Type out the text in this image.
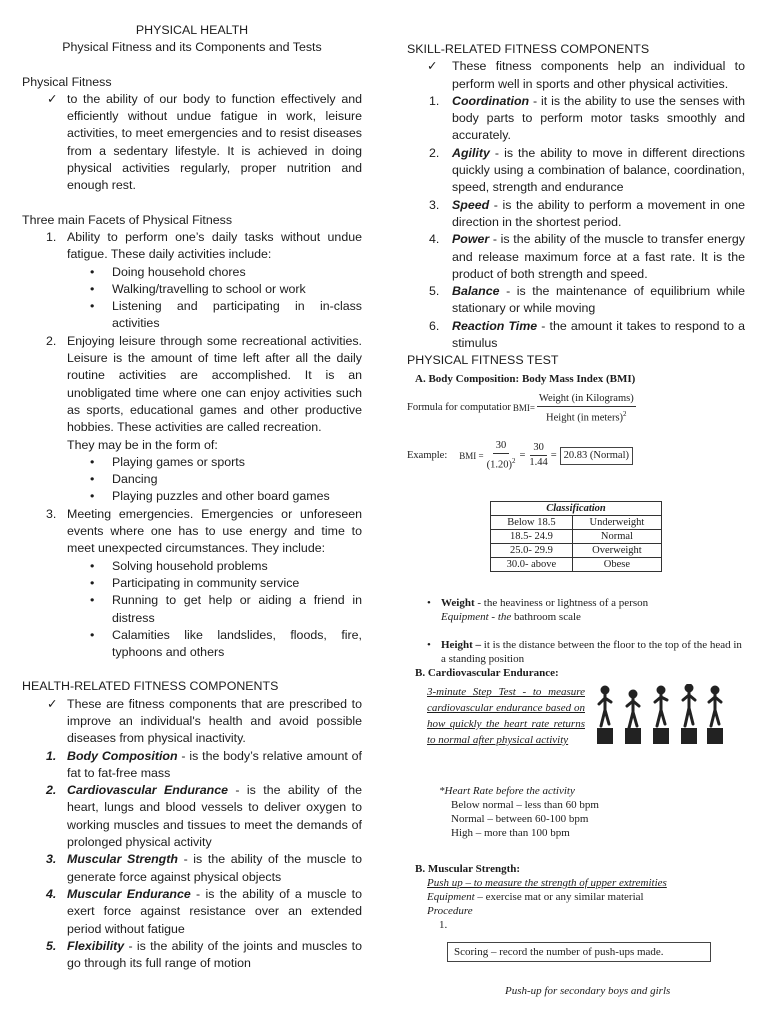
PHYSICAL HEALTH

Physical Fitness and its Components and Tests

Physical Fitness

✓ to the ability of our body to function effectively and efficiently without undue fatigue in work, leisure activities, to meet emergencies and to resist diseases from a sedentary lifestyle. It is achieved in doing physical activities regularly, proper nutrition and enough rest.

Three main Facets of Physical Fitness

1. Ability to perform one’s daily tasks without undue fatigue. These daily activities include:
• Doing household chores
• Walking/travelling to school or work
• Listening and participating in in-class activities
2. Enjoying leisure through some recreational activities. Leisure is the amount of time left after all the daily routine activities are accomplished. It is an unobligated time where one can enjoy activities such as sports, educational games and other productive hobbies. These activities are called recreation.

They may be in the form of:

• Playing games or sports
• Dancing
• Playing puzzles and other board games
3. Meeting emergencies. Emergencies or unforeseen events where one has to use energy and time to meet unexpected circumstances. They include:
• Solving household problems
• Participating in community service
• Running to get help or aiding a friend in distress
• Calamities like landslides, floods, fire, typhoons and others

HEALTH-RELATED FITNESS COMPONENTS

✓ These are fitness components that are prescribed to improve an individual's health and avoid possible diseases from physical inactivity.
1. Body Composition - is the body’s relative amount of fat to fat-free mass
2. Cardiovascular Endurance - is the ability of the heart, lungs and blood vessels to deliver oxygen to working muscles and tissues to meet the demands of prolonged physical activity
3. Muscular Strength - is the ability of the muscle to generate force against physical objects
4. Muscular Endurance - is the ability of a muscle to exert force against resistance over an extended period without fatigue
5. Flexibility - is the ability of the joints and muscles to go through its full range of motion

SKILL-RELATED FITNESS COMPONENTS

✓ These fitness components help an individual to perform well in sports and other physical activities.
1. Coordination - it is the ability to use the senses with body parts to perform motor tasks smoothly and accurately.
2. Agility - is the ability to move in different directions quickly using a combination of balance, coordination, speed, strength and endurance
3. Speed - is the ability to perform a movement in one direction in the shortest period.
4. Power - is the ability of the muscle to transfer energy and release maximum force at a fast rate. It is the product of both strength and speed.
5. Balance - is the maintenance of equilibrium while stationary or while moving
6. Reaction Time - the amount it takes to respond to a stimulus

PHYSICAL FITNESS TEST

A. Body Composition: Body Mass Index (BMI)

Formula for computatior BMI=
Weight (in Kilograms)
Height (in meters)$^2$
Example: BMI = $\frac{30}{(1.20)^2} = \frac{30}{1.44} = 20.83$ (Normal)
Classification	
Below 18.5	Underweight
18.5- 24.9	Normal
25.0- 29.9	Overweight
30.0- above	Obese
• Weight - the heaviness or lightness of a person

Equipment - the bathroom scale

• Height – it is the distance between the floor to the top of the head in a standing position

B. Cardiovascular Endurance:

3-minute Step Test - to measure cardiovascular endurance based on how quickly the heart rate returns to normal after physical activity

*Heart Rate before the activity

Below normal – less than 60 bpm

Normal – between 60-100 bpm

High – more than 100 bpm

B. Muscular Strength:

Push up – to measure the strength of upper extremities

Equipment – exercise mat or any similar material

Procedure

1.

Scoring – record the number of push-ups made.

Push-up for secondary boys and girls
